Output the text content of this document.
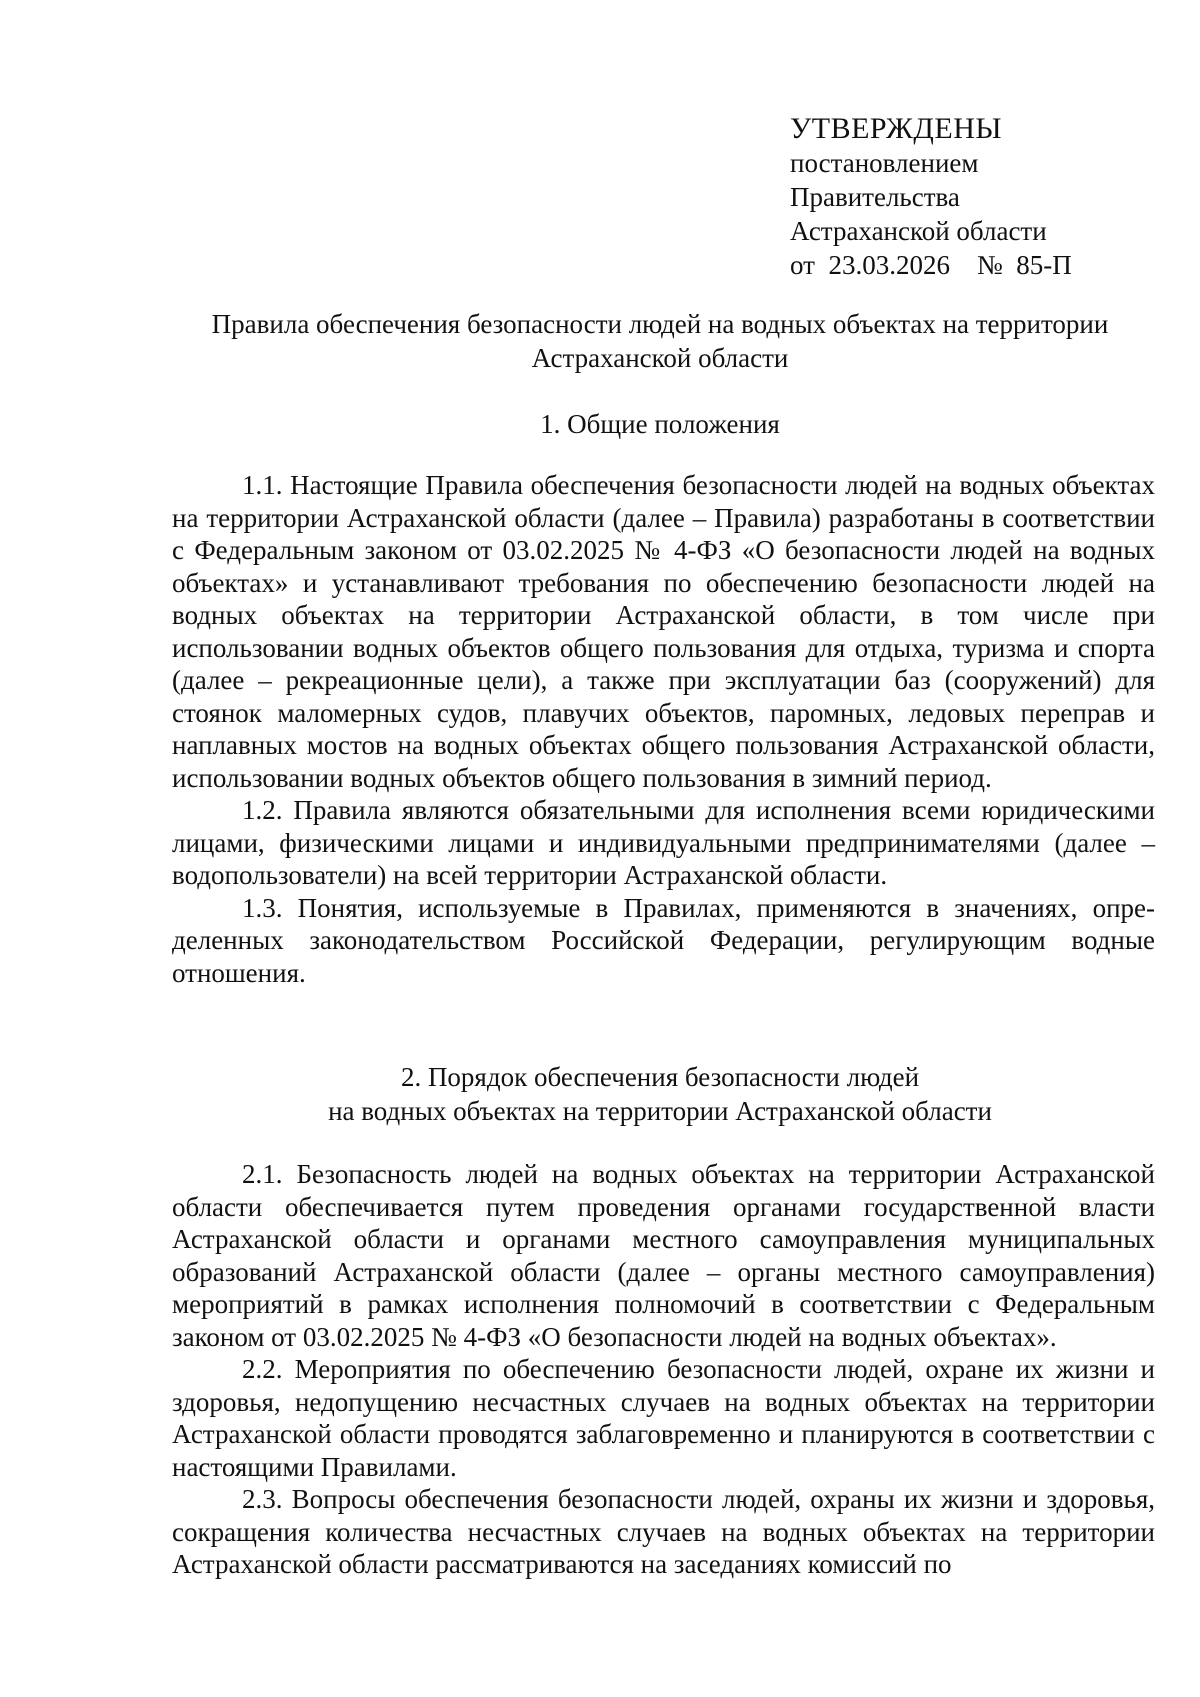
УТВЕРЖДЕНЫ
постановлением
Правительства
Астраханской области
от  23.03.2026    №  85-П
Правила обеспечения безопасности людей на водных объектах на территории
Астраханской области
1. Общие положения

1.1. Настоящие Правила обеспечения безопасности людей на водных объектах на территории Астраханской области (далее – Правила) разработаны в соответствии с Федеральным законом от 03.02.2025 № 4-ФЗ «О безопасности людей на водных объектах» и устанавливают требования по обеспечению безопасности людей на водных объектах на территории Астраханской области, в том числе при использовании водных объектов общего пользования для отдыха, туризма и спорта (далее – рекреационные цели), а также при эксплуатации баз (сооружений) для стоянок маломерных судов, плавучих объектов, паромных, ледовых переправ и наплавных мостов на водных объектах общего пользования Астраханской области, использовании водных объектов общего пользования в зимний период.

1.2. Правила являются обязательными для исполнения всеми юридическими лицами, физическими лицами и индивидуальными предпринимателями (далее – водопользователи) на всей территории Астраханской области.

1.3. Понятия, используемые в Правилах, применяются в значениях, определенных законодательством Российской Федерации, регулирующим водные отношения.

2. Порядок обеспечения безопасности людей
на водных объектах на территории Астраханской области

2.1. Безопасность людей на водных объектах на территории Астраханской области обеспечивается путем проведения органами государственной власти Астраханской области и органами местного самоуправления муниципальных образований Астраханской области (далее – органы местного самоуправления) мероприятий в рамках исполнения полномочий в соответствии с Федеральным законом от 03.02.2025 № 4-ФЗ «О безопасности людей на водных объектах».

2.2. Мероприятия по обеспечению безопасности людей, охране их жизни и здоровья, недопущению несчастных случаев на водных объектах на территории Астраханской области проводятся заблаговременно и планируются в соответствии с настоящими Правилами.

2.3. Вопросы обеспечения безопасности людей, охраны их жизни и здоровья, сокращения количества несчастных случаев на водных объектах на территории Астраханской области рассматриваются на заседаниях комиссий по
